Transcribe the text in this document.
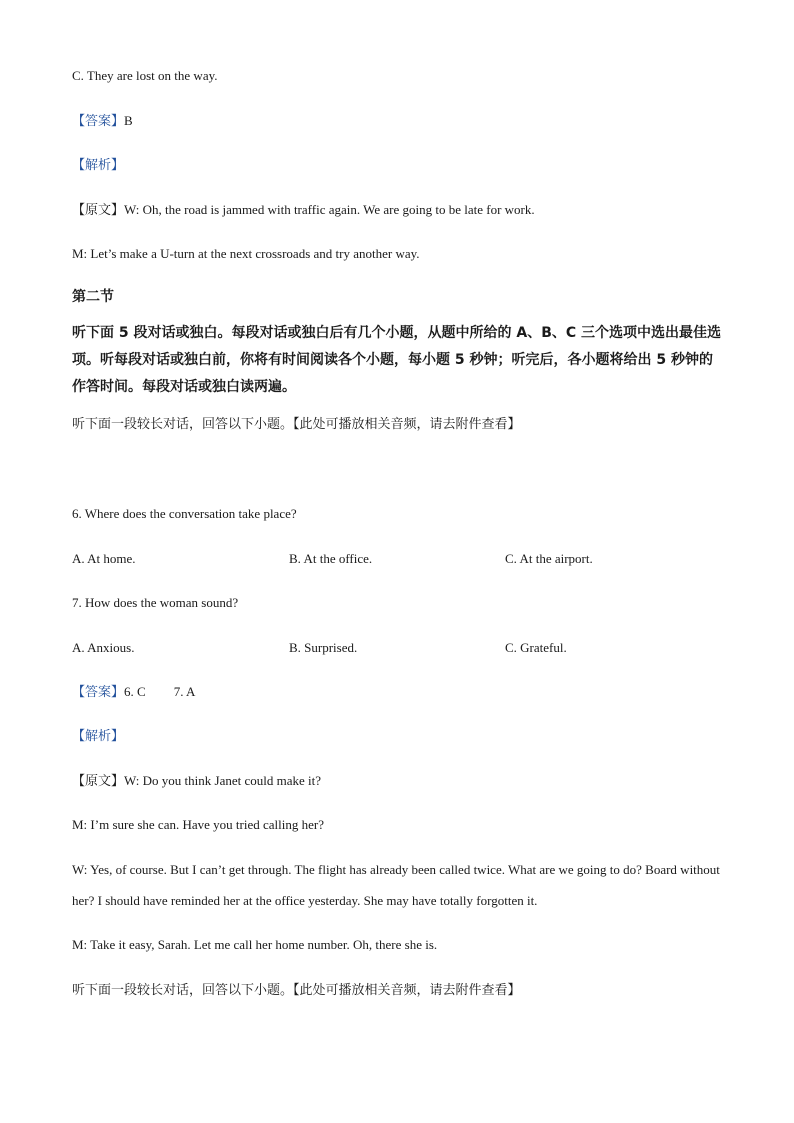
C. They are lost on the way.
【答案】B
【解析】
【原文】W: Oh, the road is jammed with traffic again. We are going to be late for work.
M: Let’s make a U-turn at the next crossroads and try another way.
第二节
听下面 5 段对话或独白。每段对话或独白后有几个小题，从题中所给的 A、B、C 三个选项中选出最佳选项。听每段对话或独白前，你将有时间阅读各个小题，每小题 5 秒钟；听完后，各小题将给出 5 秒钟的作答时间。每段对话或独白读两遍。
听下面一段较长对话，回答以下小题。【此处可播放相关音频，请去附件查看】
6. Where does the conversation take place?
A. At home.	B. At the office.	C. At the airport.
7. How does the woman sound?
A. Anxious.	B. Surprised.	C. Grateful.
【答案】6. C 7. A
【解析】
【原文】W: Do you think Janet could make it?
M: I’m sure she can. Have you tried calling her?
W: Yes, of course. But I can’t get through. The flight has already been called twice. What are we going to do? Board without her? I should have reminded her at the office yesterday. She may have totally forgotten it.
M: Take it easy, Sarah. Let me call her home number. Oh, there she is.
听下面一段较长对话，回答以下小题。【此处可播放相关音频，请去附件查看】
